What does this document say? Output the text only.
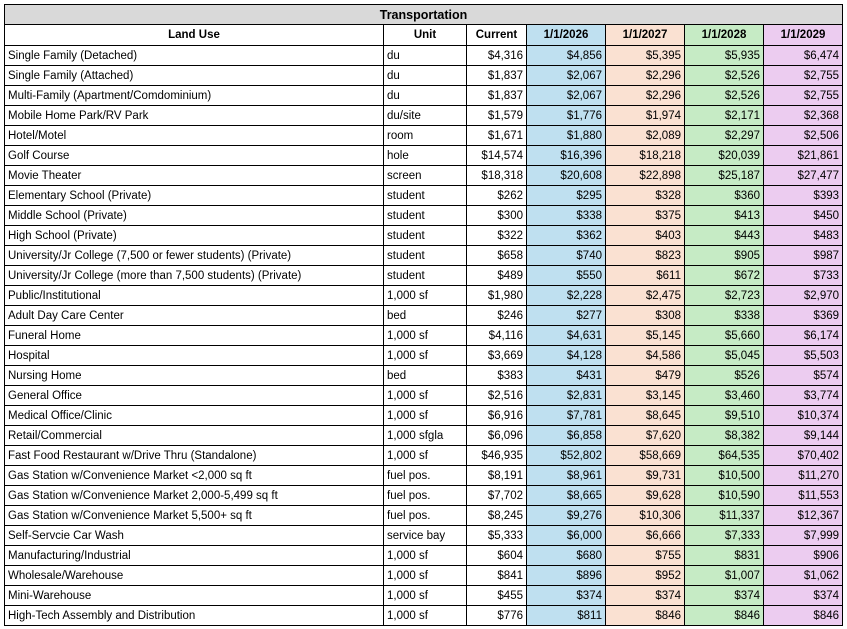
Transportation						
Land Use	Unit	Current	1/1/2026	1/1/2027	1/1/2028	1/1/2029
Single Family (Detached)	du	$4,316	$4,856	$5,395	$5,935	$6,474
Single Family (Attached)	du	$1,837	$2,067	$2,296	$2,526	$2,755
Multi-Family (Apartment/Comdominium)	du	$1,837	$2,067	$2,296	$2,526	$2,755
Mobile Home Park/RV Park	du/site	$1,579	$1,776	$1,974	$2,171	$2,368
Hotel/Motel	room	$1,671	$1,880	$2,089	$2,297	$2,506
Golf Course	hole	$14,574	$16,396	$18,218	$20,039	$21,861
Movie Theater	screen	$18,318	$20,608	$22,898	$25,187	$27,477
Elementary School (Private)	student	$262	$295	$328	$360	$393
Middle School (Private)	student	$300	$338	$375	$413	$450
High School (Private)	student	$322	$362	$403	$443	$483
University/Jr College (7,500 or fewer students) (Private)	student	$658	$740	$823	$905	$987
University/Jr College (more than 7,500 students) (Private)	student	$489	$550	$611	$672	$733
Public/Institutional	1,000 sf	$1,980	$2,228	$2,475	$2,723	$2,970
Adult Day Care Center	bed	$246	$277	$308	$338	$369
Funeral Home	1,000 sf	$4,116	$4,631	$5,145	$5,660	$6,174
Hospital	1,000 sf	$3,669	$4,128	$4,586	$5,045	$5,503
Nursing Home	bed	$383	$431	$479	$526	$574
General Office	1,000 sf	$2,516	$2,831	$3,145	$3,460	$3,774
Medical Office/Clinic	1,000 sf	$6,916	$7,781	$8,645	$9,510	$10,374
Retail/Commercial	1,000 sfgla	$6,096	$6,858	$7,620	$8,382	$9,144
Fast Food Restaurant w/Drive Thru (Standalone)	1,000 sf	$46,935	$52,802	$58,669	$64,535	$70,402
Gas Station w/Convenience Market <2,000 sq ft	fuel pos.	$8,191	$8,961	$9,731	$10,500	$11,270
Gas Station w/Convenience Market 2,000-5,499 sq ft	fuel pos.	$7,702	$8,665	$9,628	$10,590	$11,553
Gas Station w/Convenience Market 5,500+ sq ft	fuel pos.	$8,245	$9,276	$10,306	$11,337	$12,367
Self-Servcie Car Wash	service bay	$5,333	$6,000	$6,666	$7,333	$7,999
Manufacturing/Industrial	1,000 sf	$604	$680	$755	$831	$906
Wholesale/Warehouse	1,000 sf	$841	$896	$952	$1,007	$1,062
Mini-Warehouse	1,000 sf	$455	$374	$374	$374	$374
High-Tech Assembly and Distribution	1,000 sf	$776	$811	$846	$846	$846
